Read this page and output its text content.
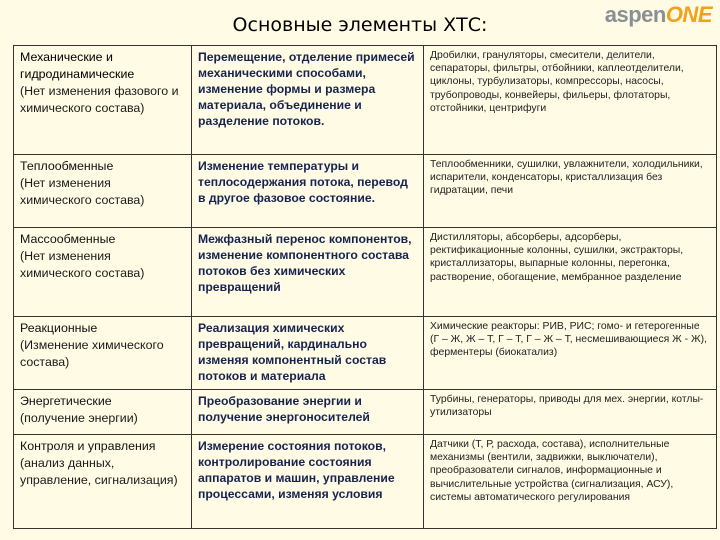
Основные элементы ХТС:	aspenONE
Механические и гидродинамические
(Нет изменения фазового и химического состава)	Перемещение, отделение примесей механическими способами, изменение формы и размера материала, объединение и разделение потоков.	Дробилки, грануляторы, смесители, делители, сепараторы, фильтры, отбойники, каплеотделители, циклоны, турбулизаторы, компрессоры, насосы, трубопроводы, конвейеры, фильеры, флотаторы, отстойники, центрифуги

Теплообменные
(Нет изменения химического состава)	Изменение температуры и теплосодержания потока, перевод в другое фазовое состояние.	Теплообменники, сушилки, увлажнители, холодильники, испарители, конденсаторы, кристаллизация без гидратации, печи

Массообменные
(Нет изменения химического состава)	Межфазный перенос компонентов, изменение компонентного состава потоков без химических превращений	Дистилляторы, абсорберы, адсорберы, ректификационные колонны, сушилки, экстракторы, кристаллизаторы, выпарные колонны, перегонка, растворение, обогащение, мембранное разделение

Реакционные
(Изменение химического состава)	Реализация химических превращений, кардинально изменяя компонентный состав потоков и материала	Химические реакторы: РИВ, РИС; гомо- и гетерогенные (Г – Ж, Ж – Т, Г – Т, Г – Ж – Т, несмешивающиеся Ж - Ж), ферментеры (биокатализ)

Энергетические
(получение энергии)	Преобразование энергии и получение энергоносителей	Турбины, генераторы, приводы для мех. энергии, котлы-утилизаторы

Контроля и управления
(анализ данных, управление, сигнализация)	Измерение состояния потоков, контролирование состояния аппаратов и машин, управление процессами, изменяя условия	Датчики (Т, Р, расхода, состава), исполнительные механизмы (вентили, задвижки, выключатели), преобразователи сигналов, информационные и вычислительные устройства (сигнализация, АСУ), системы автоматического регулирования
